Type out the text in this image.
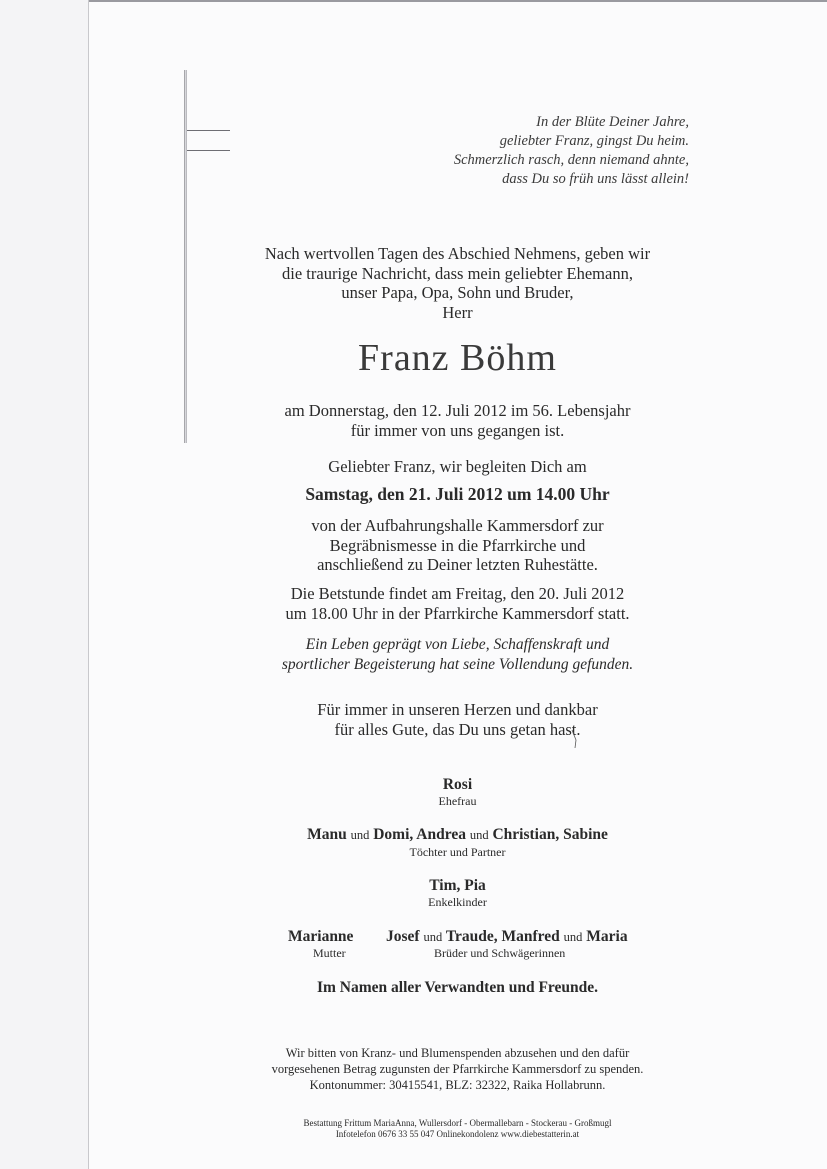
In der Blüte Deiner Jahre,
geliebter Franz, gingst Du heim.
Schmerzlich rasch, denn niemand ahnte,
dass Du so früh uns lässt allein!
Nach wertvollen Tagen des Abschied Nehmens, geben wir
die traurige Nachricht, dass mein geliebter Ehemann,
unser Papa, Opa, Sohn und Bruder,
Herr
Franz Böhm
am Donnerstag, den 12. Juli 2012 im 56. Lebensjahr
für immer von uns gegangen ist.
Geliebter Franz, wir begleiten Dich am
Samstag, den 21. Juli 2012 um 14.00 Uhr
von der Aufbahrungshalle Kammersdorf zur
Begräbnismesse in die Pfarrkirche und
anschließend zu Deiner letzten Ruhestätte.
Die Betstunde findet am Freitag, den 20. Juli 2012
um 18.00 Uhr in der Pfarrkirche Kammersdorf statt.
Ein Leben geprägt von Liebe, Schaffenskraft und
sportlicher Begeisterung hat seine Vollendung gefunden.
Für immer in unseren Herzen und dankbar
für alles Gute, das Du uns getan hast.
Rosi
Ehefrau
Manu und Domi, Andrea und Christian, Sabine
Töchter und Partner
Tim, Pia
Enkelkinder
Marianne
Mutter
Josef und Traude, Manfred und Maria
Brüder und Schwägerinnen
Im Namen aller Verwandten und Freunde.
Wir bitten von Kranz- und Blumenspenden abzusehen und den dafür
vorgesehenen Betrag zugunsten der Pfarrkirche Kammersdorf zu spenden.
Kontonummer: 30415541, BLZ: 32322, Raika Hollabrunn.
Bestattung Frittum MariaAnna, Wullersdorf - Obermallebarn - Stockerau - Großmugl
Infotelefon 0676 33 55 047 Onlinekondolenz www.diebestatterin.at
